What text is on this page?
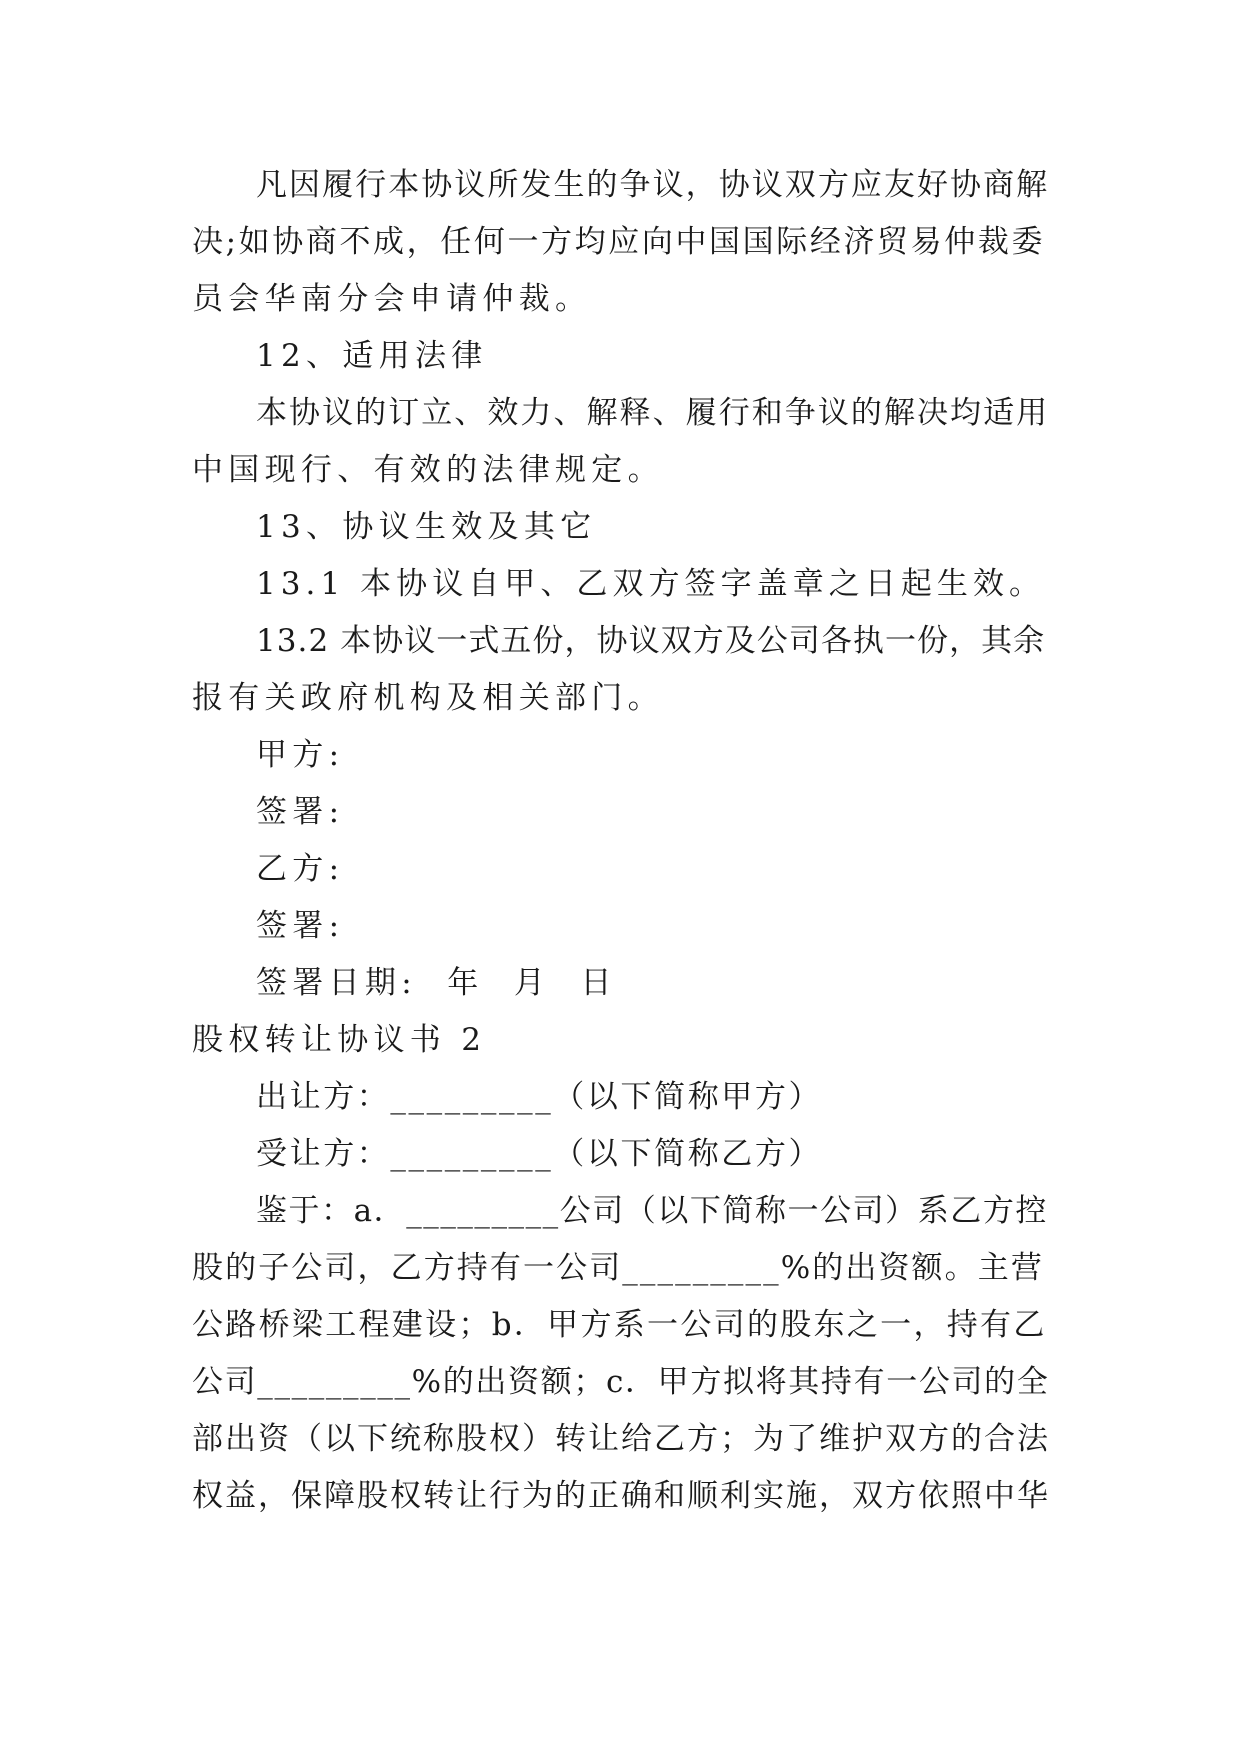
凡因履行本协议所发生的争议，协议双方应友好协商解
决;如协商不成，任何一方均应向中国国际经济贸易仲裁委
员会华南分会申请仲裁。
12、适用法律
本协议的订立、效力、解释、履行和争议的解决均适用
中国现行、有效的法律规定。
13、协议生效及其它
13.1 本协议自甲、乙双方签字盖章之日起生效。
13.2 本协议一式五份，协议双方及公司各执一份，其余
报有关政府机构及相关部门。
甲方:
签署:
乙方:
签署:
签署日期:  年  月  日
股权转让协议书 2
出让方：_________（以下简称甲方）
受让方：_________（以下简称乙方）
鉴于：a．_________公司（以下简称一公司）系乙方控
股的子公司，乙方持有一公司_________%的出资额。主营
公路桥梁工程建设；b．甲方系一公司的股东之一，持有乙
公司_________%的出资额；c．甲方拟将其持有一公司的全
部出资（以下统称股权）转让给乙方；为了维护双方的合法
权益，保障股权转让行为的正确和顺利实施，双方依照中华
